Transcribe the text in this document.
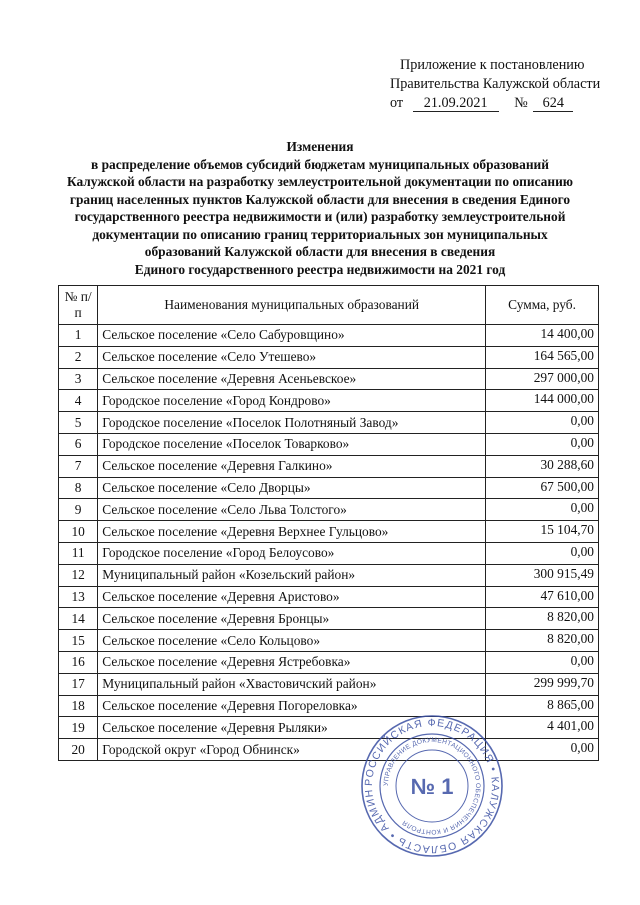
Приложение к постановлению
Правительства Калужской области
от 21.09.2021 № 624
Изменения
в распределение объемов субсидий бюджетам муниципальных образований
Калужской области на разработку землеустроительной документации по описанию
границ населенных пунктов Калужской области для внесения в сведения Единого
государственного реестра недвижимости и (или) разработку землеустроительной
документации по описанию границ территориальных зон муниципальных
образований Калужской области для внесения в сведения
Единого государственного реестра недвижимости на 2021 год
№ п/п	Наименования муниципальных образований	Сумма, руб.
1	Сельское поселение «Село Сабуровщино»	14 400,00
2	Сельское поселение «Село Утешево»	164 565,00
3	Сельское поселение «Деревня Асеньевское»	297 000,00
4	Городское поселение «Город Кондрово»	144 000,00
5	Городское поселение «Поселок Полотняный Завод»	0,00
6	Городское поселение «Поселок Товарково»	0,00
7	Сельское поселение «Деревня Галкино»	30 288,60
8	Сельское поселение «Село Дворцы»	67 500,00
9	Сельское поселение «Село Льва Толстого»	0,00
10	Сельское поселение «Деревня Верхнее Гульцово»	15 104,70
11	Городское поселение «Город Белоусово»	0,00
12	Муниципальный район «Козельский район»	300 915,49
13	Сельское поселение «Деревня Аристово»	47 610,00
14	Сельское поселение «Деревня Бронцы»	8 820,00
15	Сельское поселение «Село Кольцово»	8 820,00
16	Сельское поселение «Деревня Ястребовка»	0,00
17	Муниципальный район «Хвастовичский район»	299 999,70
18	Сельское поселение «Деревня Погореловка»	8 865,00
19	Сельское поселение «Деревня Рыляки»	4 401,00
20	Городской округ «Город Обнинск»	0,00
РОССИЙСКАЯ ФЕДЕРАЦИЯ • КАЛУЖСКАЯ ОБЛАСТЬ • АДМИН
УПРАВЛЕНИЕ ДОКУМЕНТАЦИОННОГО ОБЕСПЕЧЕНИЯ И КОНТРОЛЯ
№ 1
